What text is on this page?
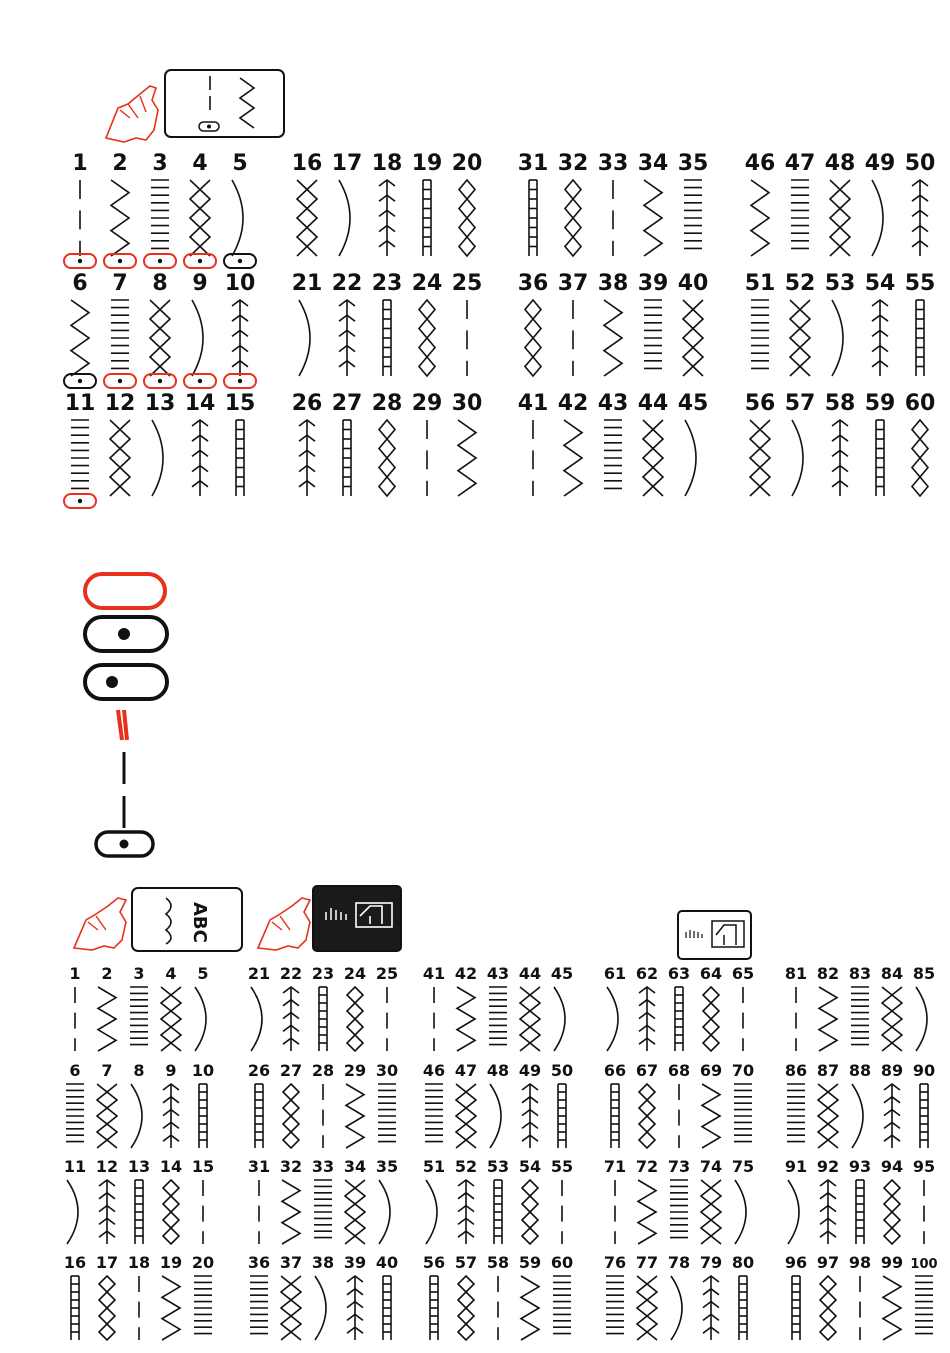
ABC
1 2 3 4 5
6 7 8 9 10
11 12 13 14 15
16 17 18 19 20
21 22 23 24 25
26 27 28 29 30
31 32 33 34 35
36 37 38 39 40
41 42 43 44 45
46 47 48 49 50
51 52 53 54 55
56 57 58 59 60
1 2 3 4 5
6 7 8 9 10
11 12 13 14 15
16 17 18 19 20
21 22 23 24 25
26 27 28 29 30
31 32 33 34 35
36 37 38 39 40
41 42 43 44 45
46 47 48 49 50
51 52 53 54 55
56 57 58 59 60
61 62 63 64 65
66 67 68 69 70
71 72 73 74 75
76 77 78 79 80
81 82 83 84 85
86 87 88 89 90
91 92 93 94 95
96 97 98 99 100
